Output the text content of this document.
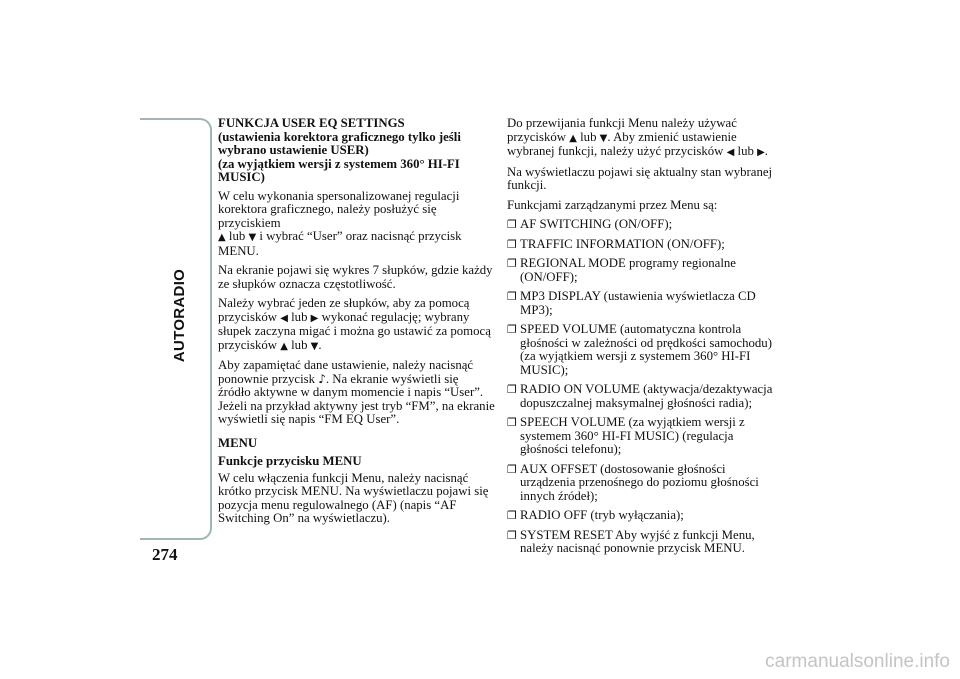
AUTORADIO
274
FUNKCJA USER EQ SETTINGS
(ustawienia korektora graficznego tylko jeśli
wybrano ustawienie USER)
(za wyjątkiem wersji z systemem 360° HI-FI
MUSIC)

W celu wykonania spersonalizowanej regulacji
korektora graficznego, należy posłużyć się przyciskiem
▲ lub ▼ i wybrać “User” oraz nacisnąć przycisk
MENU.

Na ekranie pojawi się wykres 7 słupków, gdzie każdy
ze słupków oznacza częstotliwość.

Należy wybrać jeden ze słupków, aby za pomocą
przycisków ◀ lub ▶ wykonać regulację; wybrany
słupek zaczyna migać i można go ustawić za pomocą
przycisków ▲ lub ▼.

Aby zapamiętać dane ustawienie, należy nacisnąć
ponownie przycisk ♪. Na ekranie wyświetli się
źródło aktywne w danym momencie i napis “User”.
Jeżeli na przykład aktywny jest tryb “FM”, na ekranie
wyświetli się napis “FM EQ User”.

MENU
Funkcje przycisku MENU

W celu włączenia funkcji Menu, należy nacisnąć
krótko przycisk MENU. Na wyświetlaczu pojawi się
pozycja menu regulowalnego (AF) (napis “AF
Switching On” na wyświetlaczu).

Do przewijania funkcji Menu należy używać
przycisków ▲ lub ▼. Aby zmienić ustawienie
wybranej funkcji, należy użyć przycisków ◀ lub ▶.

Na wyświetlaczu pojawi się aktualny stan wybranej
funkcji.

Funkcjami zarządzanymi przez Menu są:

❐ AF SWITCHING (ON/OFF);
❐ TRAFFIC INFORMATION (ON/OFF);
❐ REGIONAL MODE programy regionalne
(ON/OFF);
❐ MP3 DISPLAY (ustawienia wyświetlacza CD
MP3);
❐ SPEED VOLUME (automatyczna kontrola
głośności w zależności od prędkości samochodu)
(za wyjątkiem wersji z systemem 360° HI-FI
MUSIC);
❐ RADIO ON VOLUME (aktywacja/dezaktywacja
dopuszczalnej maksymalnej głośności radia);
❐ SPEECH VOLUME (za wyjątkiem wersji z
systemem 360° HI-FI MUSIC) (regulacja
głośności telefonu);
❐ AUX OFFSET (dostosowanie głośności
urządzenia przenośnego do poziomu głośności
innych źródeł);
❐ RADIO OFF (tryb wyłączania);
❐ SYSTEM RESET Aby wyjść z funkcji Menu,
należy nacisnąć ponownie przycisk MENU.
carmanualsonline.info
